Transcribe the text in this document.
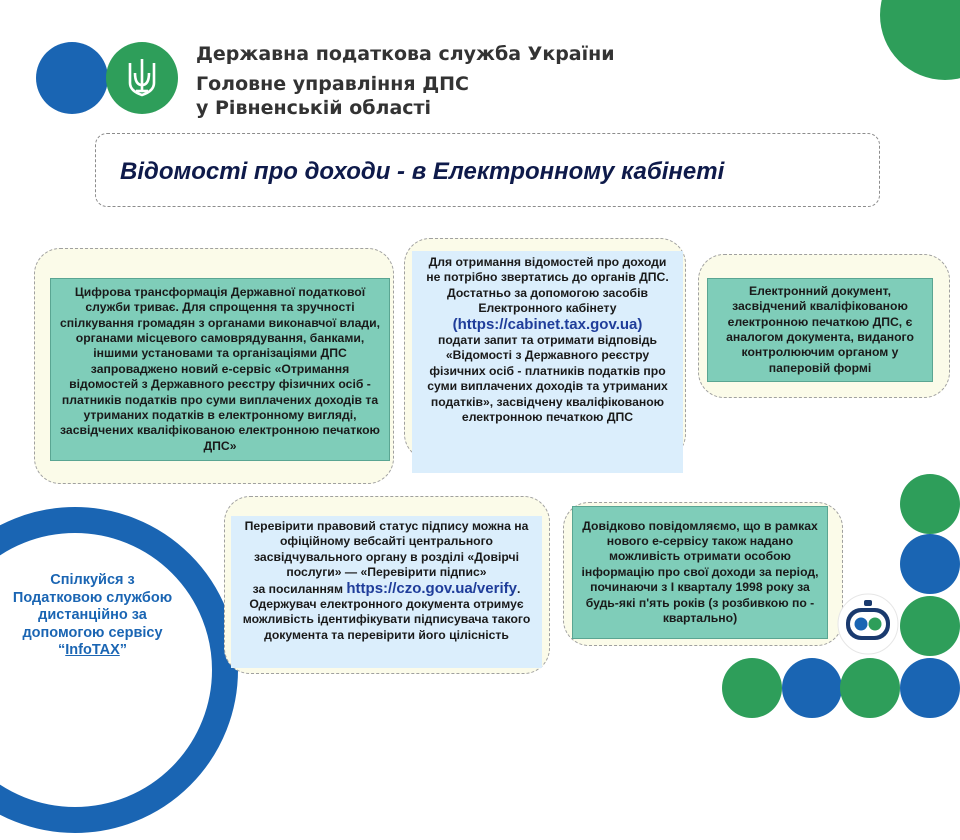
Державна податкова служба України
Головне управління ДПС
у Рівненській області
Відомості про доходи - в Електронному кабінеті
Цифрова трансформація Державної податкової служби триває. Для спрощення та зручності спілкування громадян з органами виконавчої влади, органами місцевого самоврядування, банками, іншими установами та організаціями ДПС запроваджено новий е-сервіс «Отримання відомостей з Державного реєстру фізичних осіб - платників податків про суми виплачених доходів та утриманих податків в електронному вигляді, засвідчених кваліфікованою електронною печаткою ДПС»
Для отримання відомостей про доходи не потрібно звертатись до органів ДПС. Достатньо за допомогою засобів Електронного кабінету
(https://cabinet.tax.gov.ua)
подати запит та отримати відповідь «Відомості з Державного реєстру фізичних осіб - платників податків про суми виплачених доходів та утриманих податків», засвідчену кваліфікованою електронною печаткою ДПС
Електронний документ, засвідчений кваліфікованою електронною печаткою ДПС, є аналогом документа, виданого контролюючим органом у паперовій формі
Спілкуйся з Податковою службою дистанційно за допомогою сервісу “InfoTAX”
Перевірити правовий статус підпису можна на офіційному вебсайті центрального засвідчувального органу в розділі «Довірчі послуги» — «Перевірити підпис»
за посиланням https://czo.gov.ua/verify.
Одержувач електронного документа отримує можливість ідентифікувати підписувача такого документа та перевірити його цілісність
Довідково повідомляємо, що в рамках нового е-сервісу також надано можливість отримати особою інформацію про свої доходи за період, починаючи з І кварталу 1998 року за будь-які п'ять років (з розбивкою по - квартально)
